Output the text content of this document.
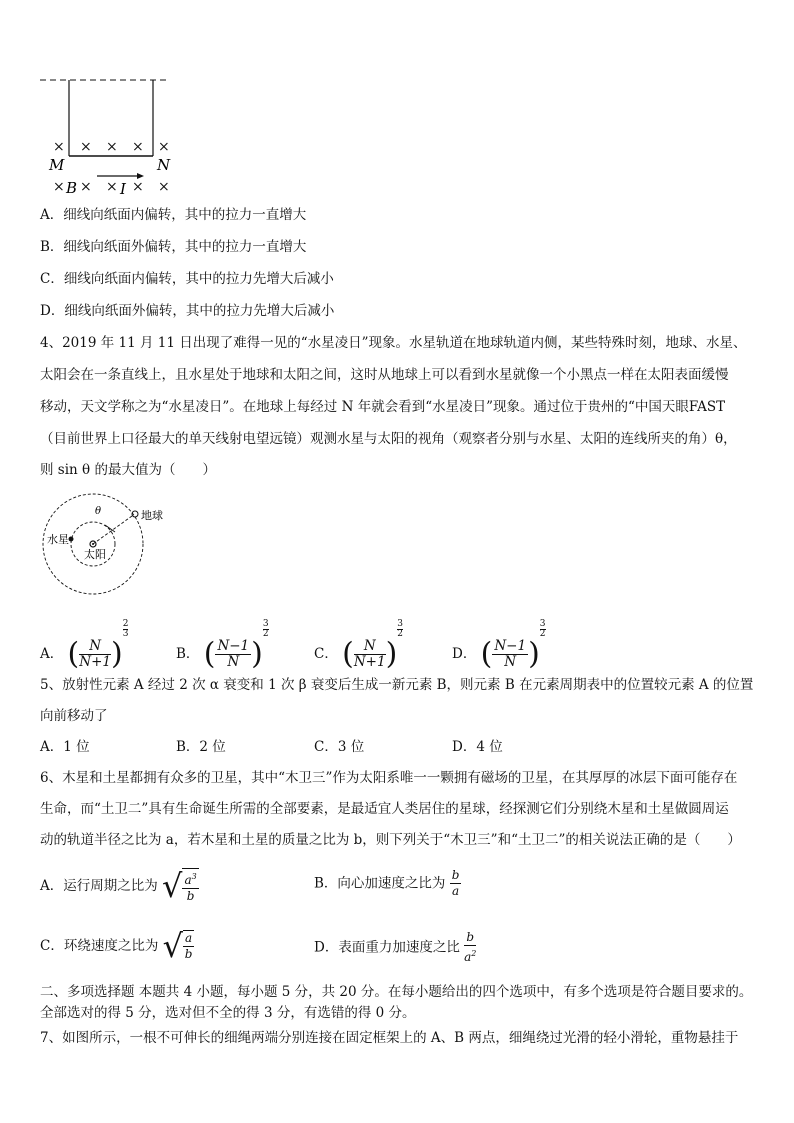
× × × × ×
× × × × ×
M	N
B	I
A．细线向纸面内偏转，其中的拉力一直增大
B．细线向纸面外偏转，其中的拉力一直增大
C．细线向纸面内偏转，其中的拉力先增大后减小
D．细线向纸面外偏转，其中的拉力先增大后减小
4、2019 年 11 月 11 日出现了难得一见的“水星凌日”现象。水星轨道在地球轨道内侧，某些特殊时刻，地球、水星、
太阳会在一条直线上，且水星处于地球和太阳之间，这时从地球上可以看到水星就像一个小黑点一样在太阳表面缓慢
移动，天文学称之为“水星凌日”。在地球上每经过 N 年就会看到“水星凌日”现象。通过位于贵州的“中国天眼FAST
（目前世界上口径最大的单天线射电望远镜）观测水星与太阳的视角（观察者分别与水星、太阳的连线所夹的角）θ，
则 sin θ 的最大值为（　　）
θ	地球
水星
太阳
A． ( $\frac{N}{N+1}$ )
$^{\frac{2}{3}}$
B． ( $\frac{N-1}{N}$ )
$^{\frac{3}{2}}$
C． ( $\frac{N}{N+1}$ )
$^{\frac{3}{2}}$
D． ( $\frac{N-1}{N}$ )
$^{\frac{3}{2}}$
5、放射性元素 A 经过 2 次 α 衰变和 1 次 β 衰变后生成一新元素 B，则元素 B 在元素周期表中的位置较元素 A 的位置
向前移动了
A．1 位	B．2 位	C．3 位	D．4 位
6、木星和土星都拥有众多的卫星，其中“木卫三”作为太阳系唯一一颗拥有磁场的卫星，在其厚厚的冰层下面可能存在
生命，而“土卫二”具有生命诞生所需的全部要素，是最适宜人类居住的星球，经探测它们分别绕木星和土星做圆周运
动的轨道半径之比为 a，若木星和土星的质量之比为 b，则下列关于“木卫三”和“土卫二”的相关说法正确的是（　　）
A．运行周期之比为 √ $\frac{a^3}{b}$	B．向心加速度之比为 $\frac{b}{a}$
C．环绕速度之比为 √ $\frac{a}{b}$	D．表面重力加速度之比 $\frac{b}{a^2}$
二、多项选择题 本题共 4 小题，每小题 5 分，共 20 分。在每小题给出的四个选项中，有多个选项是符合题目要求的。
全部选对的得 5 分，选对但不全的得 3 分，有选错的得 0 分。
7、如图所示，一根不可伸长的细绳两端分别连接在固定框架上的 A、B 两点，细绳绕过光滑的轻小滑轮，重物悬挂于
